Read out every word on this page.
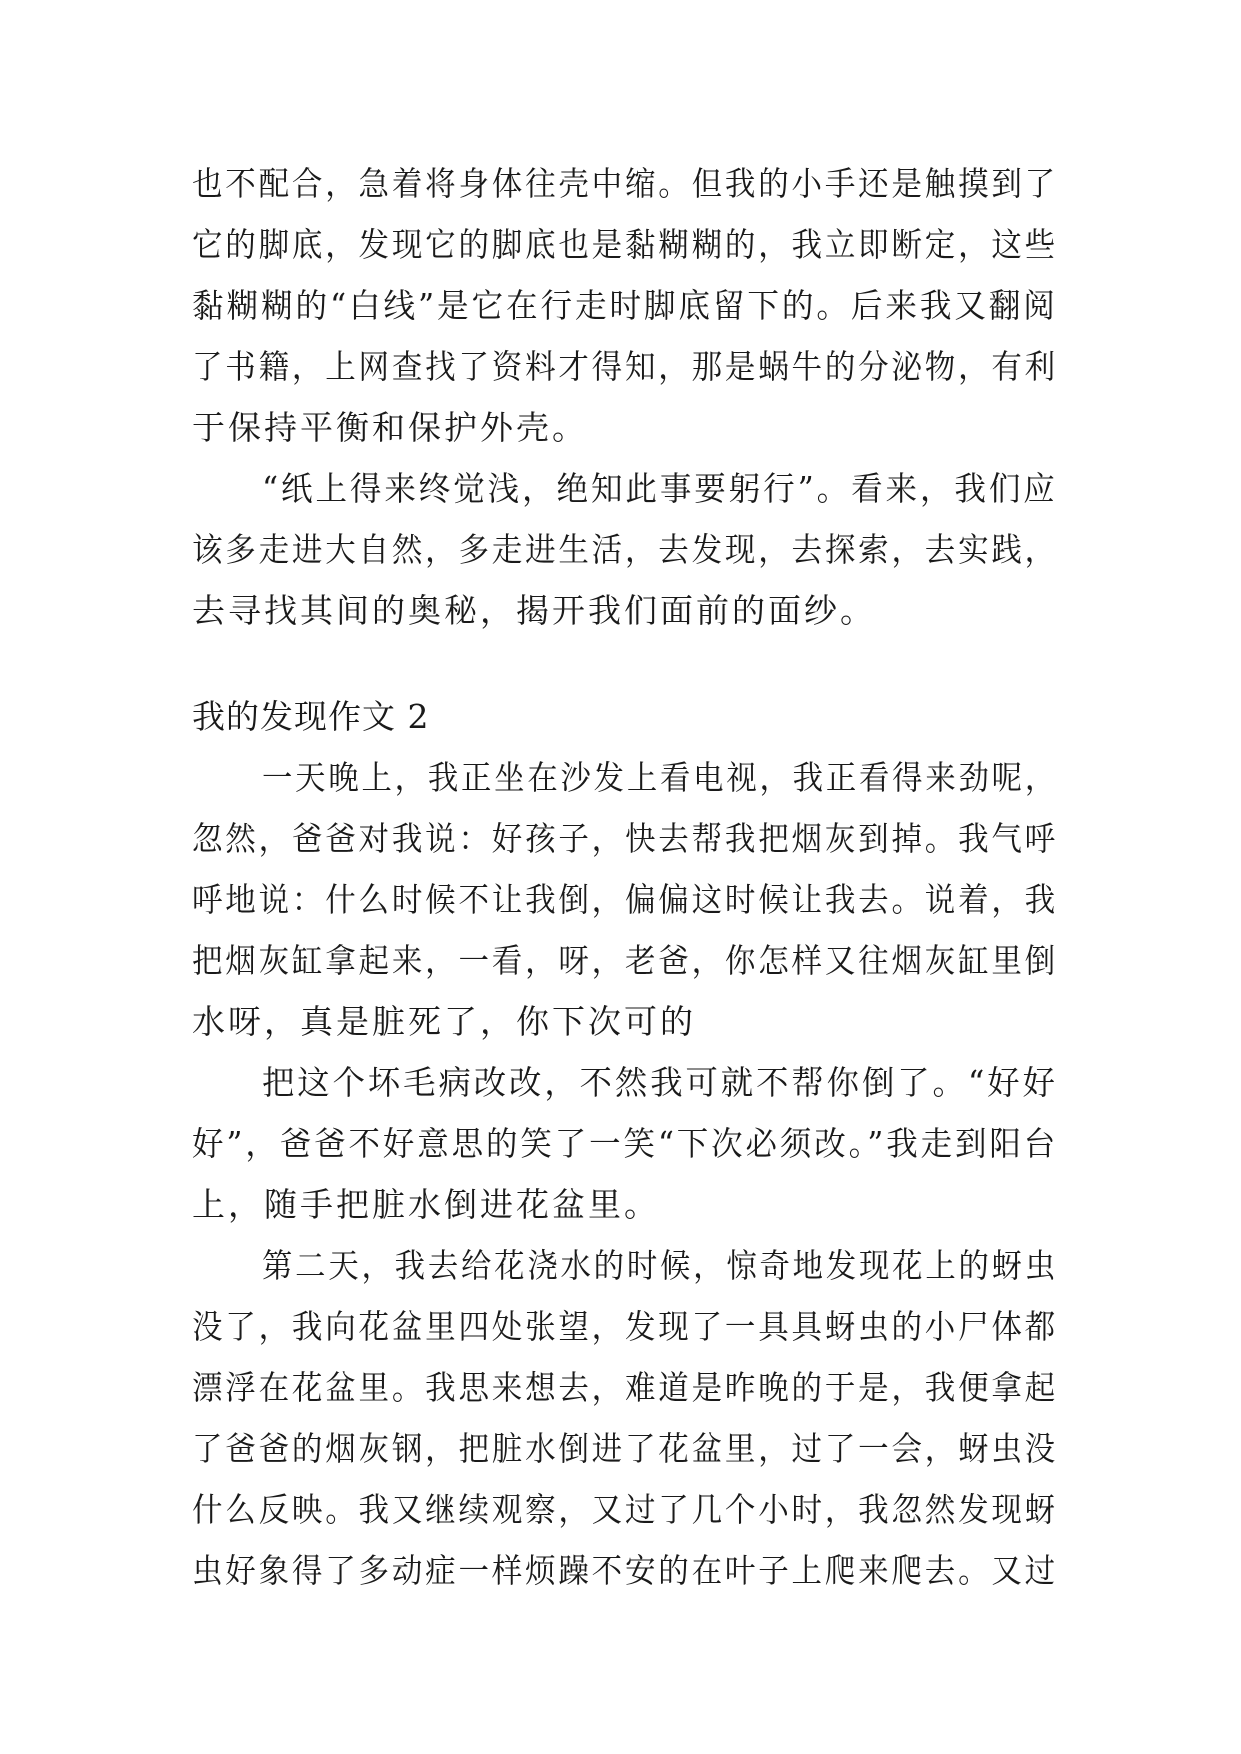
也不配合，急着将身体往壳中缩。但我的小手还是触摸到了
它的脚底，发现它的脚底也是黏糊糊的，我立即断定，这些
黏糊糊的“白线”是它在行走时脚底留下的。后来我又翻阅
了书籍，上网查找了资料才得知，那是蜗牛的分泌物，有利
于保持平衡和保护外壳。
“纸上得来终觉浅，绝知此事要躬行”。看来，我们应
该多走进大自然，多走进生活，去发现，去探索，去实践，
去寻找其间的奥秘，揭开我们面前的面纱。
我的发现作文 2
一天晚上，我正坐在沙发上看电视，我正看得来劲呢，
忽然，爸爸对我说：好孩子，快去帮我把烟灰到掉。我气呼
呼地说：什么时候不让我倒，偏偏这时候让我去。说着，我
把烟灰缸拿起来，一看，呀，老爸，你怎样又往烟灰缸里倒
水呀，真是脏死了，你下次可的
把这个坏毛病改改，不然我可就不帮你倒了。“好好
好”，爸爸不好意思的笑了一笑“下次必须改。”我走到阳台
上，随手把脏水倒进花盆里。
第二天，我去给花浇水的时候，惊奇地发现花上的蚜虫
没了，我向花盆里四处张望，发现了一具具蚜虫的小尸体都
漂浮在花盆里。我思来想去，难道是昨晚的于是，我便拿起
了爸爸的烟灰钢，把脏水倒进了花盆里，过了一会，蚜虫没
什么反映。我又继续观察，又过了几个小时，我忽然发现蚜
虫好象得了多动症一样烦躁不安的在叶子上爬来爬去。又过
